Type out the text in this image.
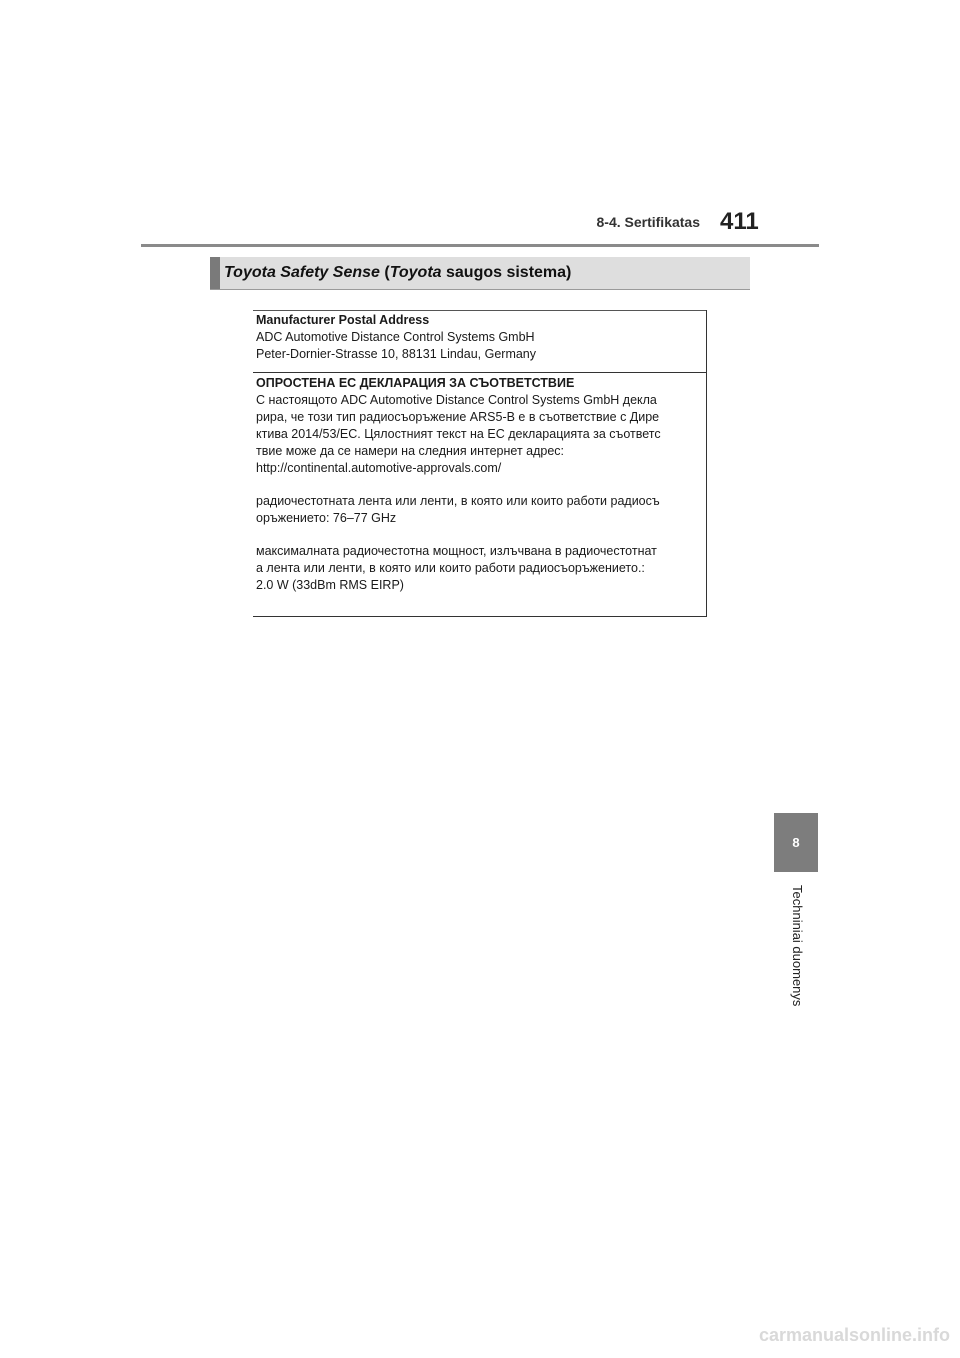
8-4. Sertifikatas 411
Toyota Safety Sense (Toyota saugos sistema)

Manufacturer Postal Address

ADC Automotive Distance Control Systems GmbH

Peter-Dornier-Strasse 10, 88131 Lindau, Germany

ОПРОСТЕНА ЕС ДЕКЛАРАЦИЯ ЗА СЪОТВЕТСТВИЕ

С настоящото ADC Automotive Distance Control Systems GmbH декла

рира, че този тип радиосъоръжение ARS5-B е в съответствие с Дире

ктива 2014/53/ЕС. Цялостният текст на ЕС декларацията за съответс

твие може да се намери на следния интернет адрес:

http://continental.automotive-approvals.com/

радиочестотната лента или ленти, в която или които работи радиосъ

оръжението: 76–77 GHz

максималната радиочестотна мощност, излъчвана в радиочестотнат

а лента или ленти, в която или които работи радиосъоръжението.:

2.0 W (33dBm RMS EIRP)

8
Techniniai duomenys
carmanualsonline.info
